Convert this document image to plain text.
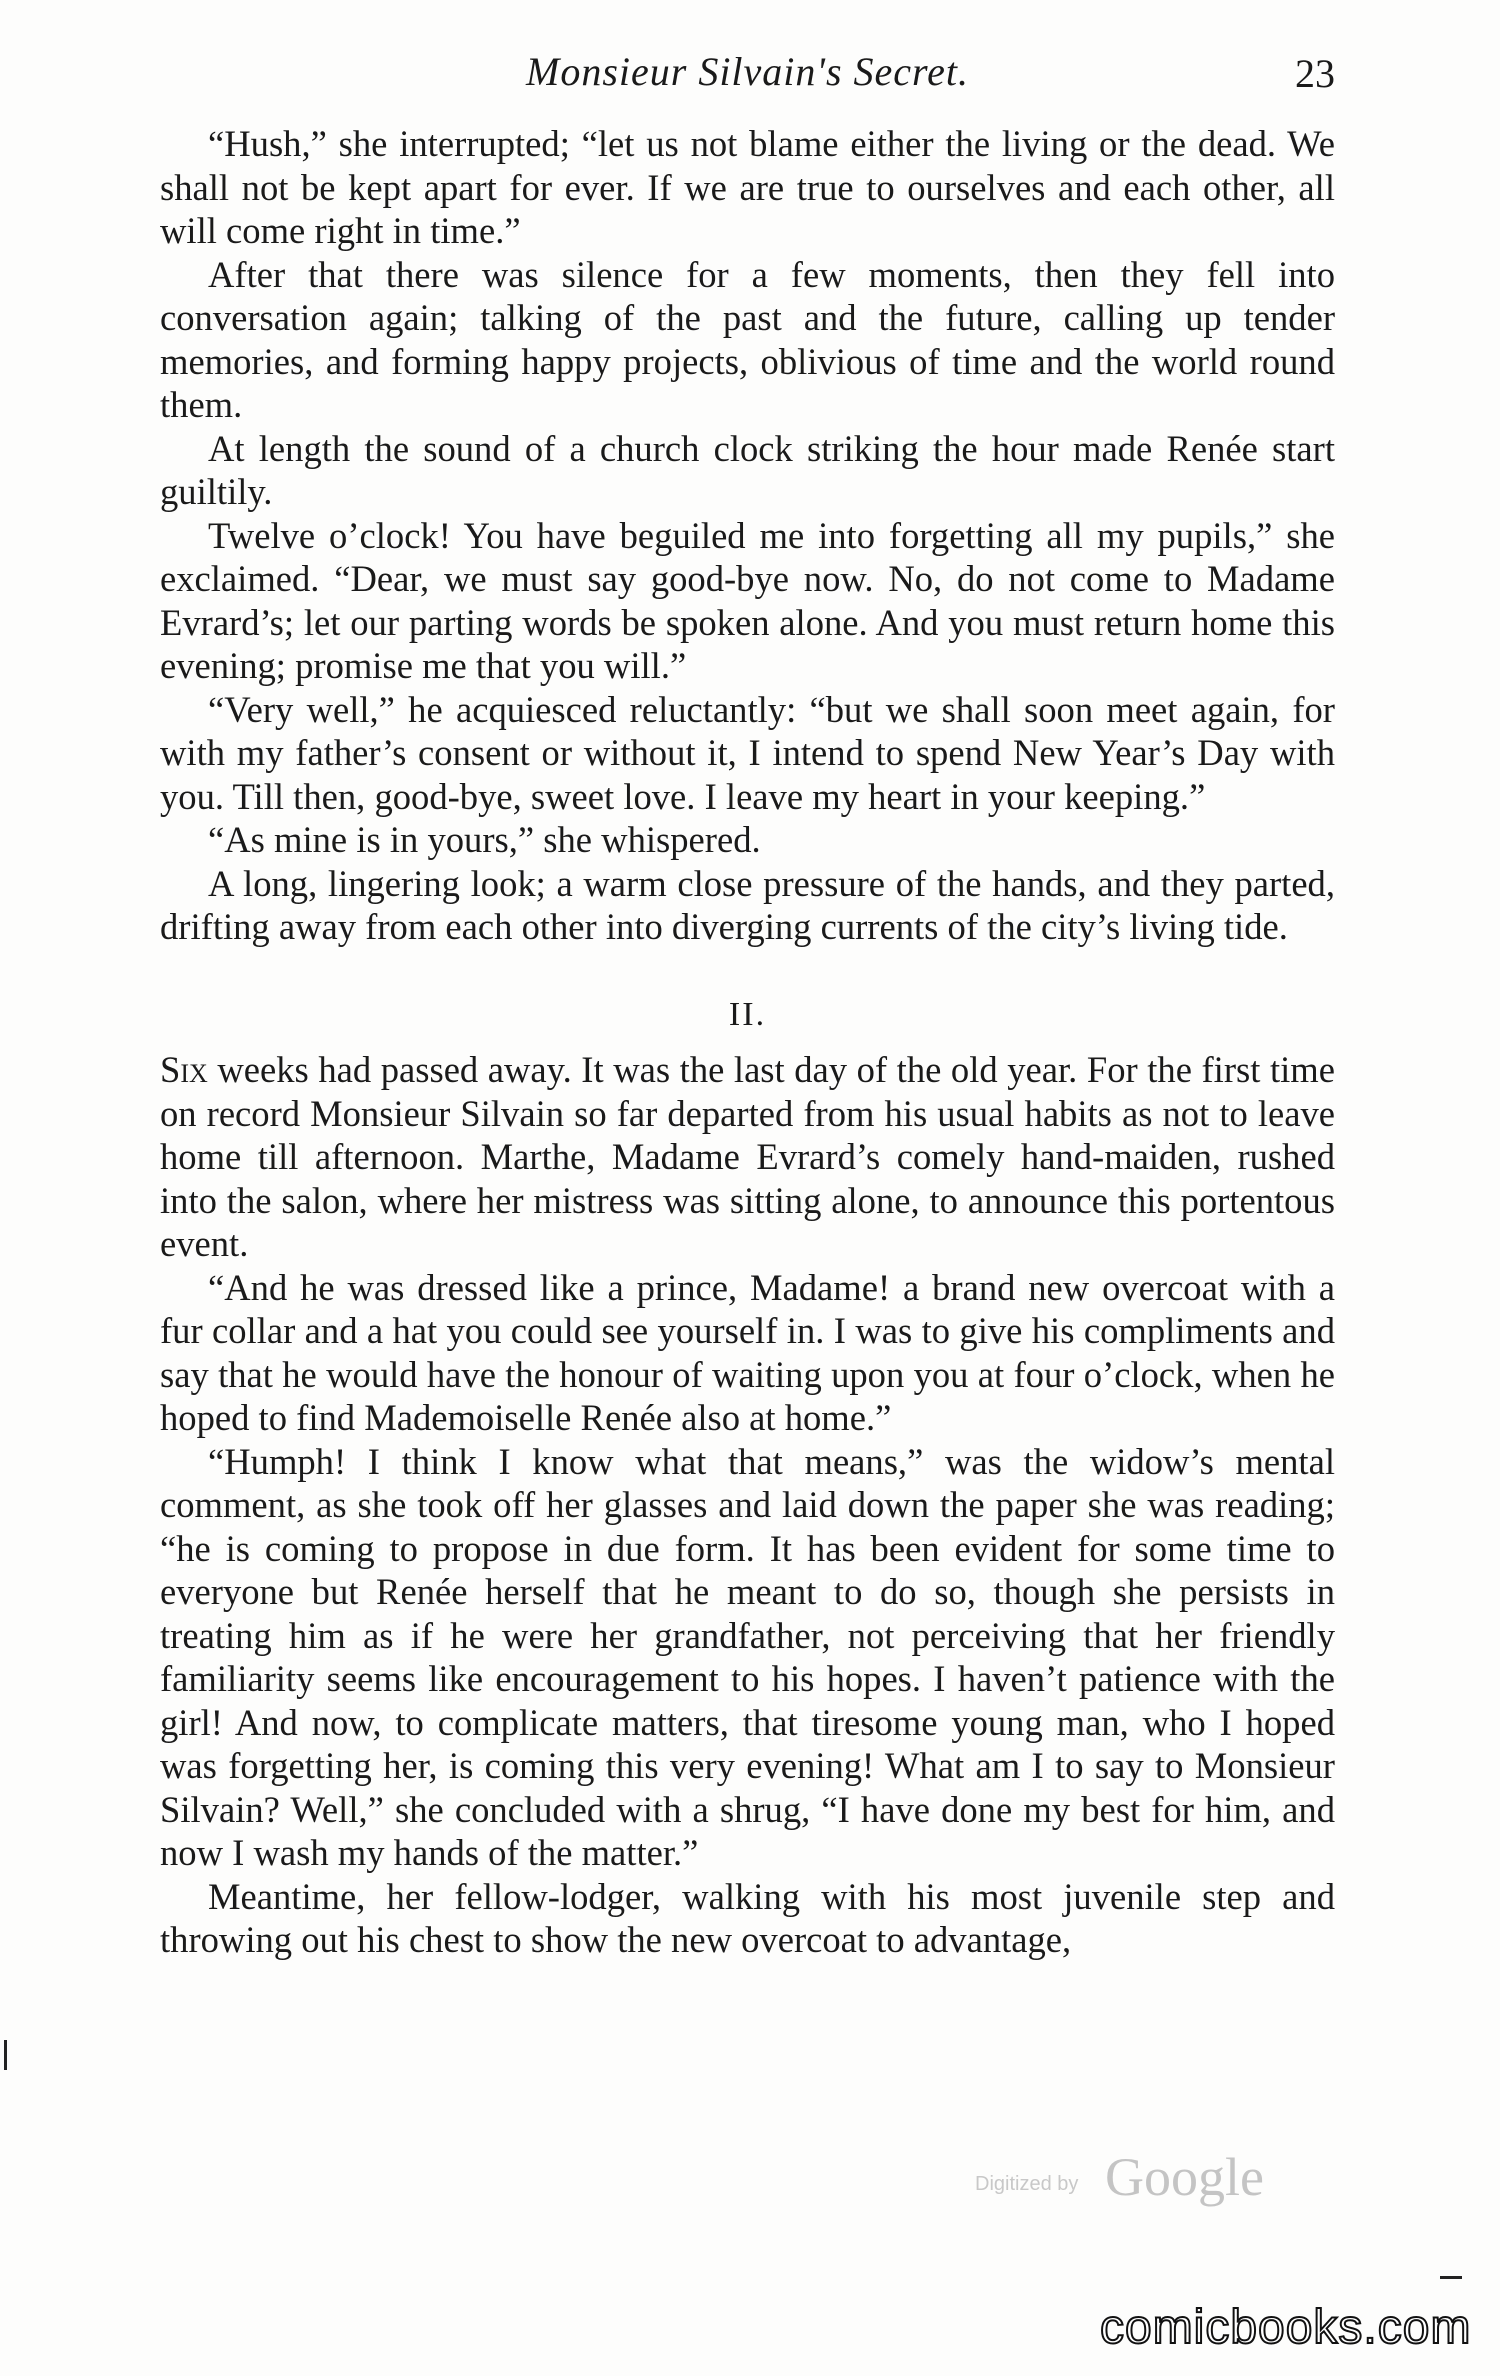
Monsieur Silvain's Secret.	23

“Hush,” she interrupted; “let us not blame either the living or the dead. We shall not be kept apart for ever. If we are true to ourselves and each other, all will come right in time.”

After that there was silence for a few moments, then they fell into conversation again; talking of the past and the future, calling up tender memories, and forming happy projects, oblivious of time and the world round them.

At length the sound of a church clock striking the hour made Renée start guiltily.

Twelve o’clock! You have beguiled me into forgetting all my pupils,” she exclaimed. “Dear, we must say good-bye now. No, do not come to Madame Evrard’s; let our parting words be spoken alone. And you must return home this evening; promise me that you will.”

“Very well,” he acquiesced reluctantly: “but we shall soon meet again, for with my father’s consent or without it, I intend to spend New Year’s Day with you. Till then, good-bye, sweet love. I leave my heart in your keeping.”

“As mine is in yours,” she whispered.

A long, lingering look; a warm close pressure of the hands, and they parted, drifting away from each other into diverging currents of the city’s living tide.

II.

Six weeks had passed away. It was the last day of the old year. For the first time on record Monsieur Silvain so far departed from his usual habits as not to leave home till afternoon. Marthe, Madame Evrard’s comely hand-maiden, rushed into the salon, where her mistress was sitting alone, to announce this portentous event.

“And he was dressed like a prince, Madame! a brand new overcoat with a fur collar and a hat you could see yourself in. I was to give his compliments and say that he would have the honour of waiting upon you at four o’clock, when he hoped to find Mademoiselle Renée also at home.”

“Humph! I think I know what that means,” was the widow’s mental comment, as she took off her glasses and laid down the paper she was reading; “he is coming to propose in due form. It has been evident for some time to everyone but Renée herself that he meant to do so, though she persists in treating him as if he were her grandfather, not perceiving that her friendly familiarity seems like encouragement to his hopes. I haven’t patience with the girl! And now, to complicate matters, that tiresome young man, who I hoped was forgetting her, is coming this very evening! What am I to say to Monsieur Silvain? Well,” she concluded with a shrug, “I have done my best for him, and now I wash my hands of the matter.”

Meantime, her fellow-lodger, walking with his most juvenile step and throwing out his chest to show the new overcoat to advantage,

Digitized by Google
comicbooks.com
